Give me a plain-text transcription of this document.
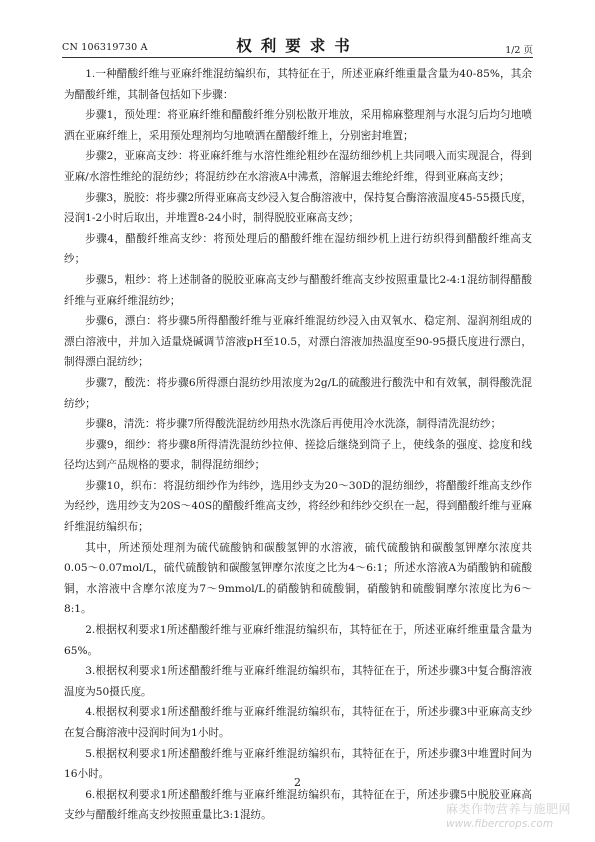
CN 106319730 A	权利要求书	1/2 页

1.一种醋酸纤维与亚麻纤维混纺编织布，其特征在于，所述亚麻纤维重量含量为40-85%，其余为醋酸纤维，其制备包括如下步骤：

步骤1，预处理：将亚麻纤维和醋酸纤维分别松散开堆放，采用棉麻整理剂与水混匀后均匀地喷洒在亚麻纤维上，采用预处理剂均匀地喷洒在醋酸纤维上，分别密封堆置；

步骤2，亚麻高支纱：将亚麻纤维与水溶性维纶粗纱在湿纺细纱机上共同喂入而实现混合，得到亚麻/水溶性维纶的混纺纱；将混纺纱在水溶液A中沸煮，溶解退去维纶纤维，得到亚麻高支纱；

步骤3，脱胶：将步骤2所得亚麻高支纱浸入复合酶溶液中，保持复合酶溶液温度45-55摄氏度，浸润1-2小时后取出，并堆置8-24小时，制得脱胶亚麻高支纱；

步骤4，醋酸纤维高支纱：将预处理后的醋酸纤维在湿纺细纱机上进行纺织得到醋酸纤维高支纱；

步骤5，粗纱：将上述制备的脱胶亚麻高支纱与醋酸纤维高支纱按照重量比2-4:1混纺制得醋酸纤维与亚麻纤维混纺纱；

步骤6，漂白：将步骤5所得醋酸纤维与亚麻纤维混纺纱浸入由双氧水、稳定剂、湿润剂组成的漂白溶液中，并加入适量烧碱调节溶液pH至10.5，对漂白溶液加热温度至90-95摄氏度进行漂白，制得漂白混纺纱；

步骤7，酸洗：将步骤6所得漂白混纺纱用浓度为2g/L的硫酸进行酸洗中和有效氧，制得酸洗混纺纱；

步骤8，清洗：将步骤7所得酸洗混纺纱用热水洗涤后再使用冷水洗涤，制得清洗混纺纱；

步骤9，细纱：将步骤8所得清洗混纺纱拉伸、搓捻后继绕到筒子上，使线条的强度、捻度和线径均达到产品规格的要求，制得混纺细纱；

步骤10，织布：将混纺细纱作为纬纱，选用纱支为20～30D的混纺细纱，将醋酸纤维高支纱作为经纱，选用纱支为20S～40S的醋酸纤维高支纱，将经纱和纬纱交织在一起，得到醋酸纤维与亚麻纤维混纺编织布；

其中，所述预处理剂为硫代硫酸钠和碳酸氢钾的水溶液，硫代硫酸钠和碳酸氢钾摩尔浓度共0.05～0.07mol/L，硫代硫酸钠和碳酸氢钾摩尔浓度之比为4～6:1；所述水溶液A为硝酸钠和硫酸铜，水溶液中含摩尔浓度为7～9mmol/L的硝酸钠和硫酸铜，硝酸钠和硫酸铜摩尔浓度比为6～8:1。

2.根据权利要求1所述醋酸纤维与亚麻纤维混纺编织布，其特征在于，所述亚麻纤维重量含量为65%。

3.根据权利要求1所述醋酸纤维与亚麻纤维混纺编织布，其特征在于，所述步骤3中复合酶溶液温度为50摄氏度。

4.根据权利要求1所述醋酸纤维与亚麻纤维混纺编织布，其特征在于，所述步骤3中亚麻高支纱在复合酶溶液中浸润时间为1小时。

5.根据权利要求1所述醋酸纤维与亚麻纤维混纺编织布，其特征在于，所述步骤3中堆置时间为16小时。

6.根据权利要求1所述醋酸纤维与亚麻纤维混纺编织布，其特征在于，所述步骤5中脱胶亚麻高支纱与醋酸纤维高支纱按照重量比3:1混纺。

2
麻类作物营养与施肥网
www.fibercrops.com
